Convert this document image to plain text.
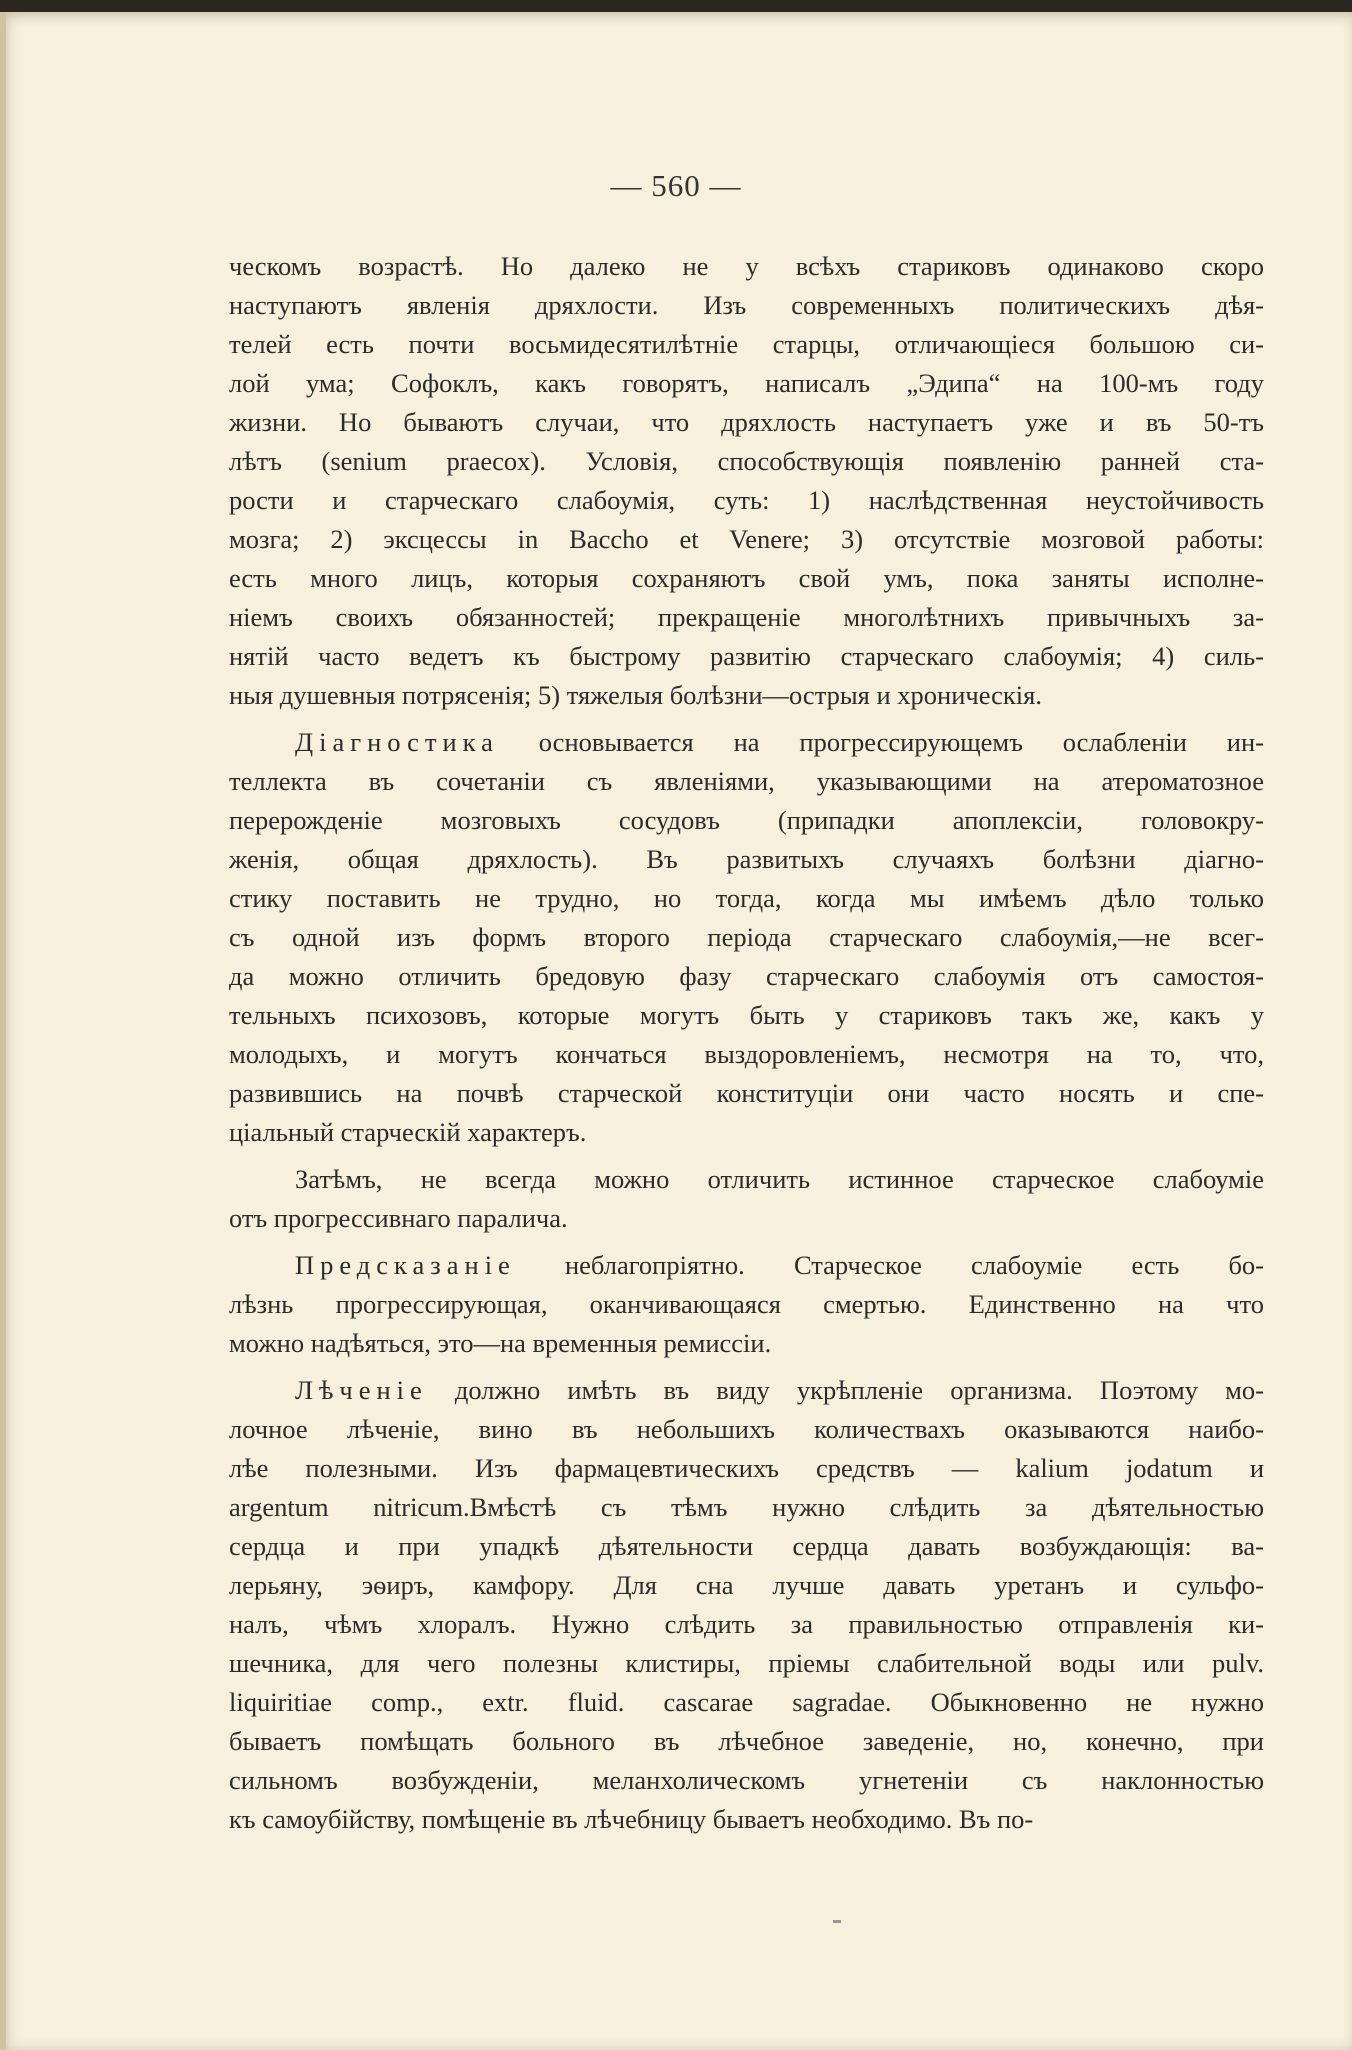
— 560 —
ческомъ возрастѣ. Но далеко не у всѣхъ стариковъ одинаково скоро
наступаютъ явленія дряхлости. Изъ современныхъ политическихъ дѣя-
телей есть почти восьмидесятилѣтніе старцы, отличающіеся большою си-
лой ума; Софоклъ, какъ говорятъ, написалъ „Эдипа“ на 100-мъ году
жизни. Но бываютъ случаи, что дряхлость наступаетъ уже и въ 50-тъ
лѣтъ (senium praecox). Условія, способствующія появленію ранней ста-
рости и старческаго слабоумія, суть: 1) наслѣдственная неустойчивость
мозга; 2) эксцессы in Baccho et Venere; 3) отсутствіе мозговой работы:
есть много лицъ, которыя сохраняютъ свой умъ, пока заняты исполне-
ніемъ своихъ обязанностей; прекращеніе многолѣтнихъ привычныхъ за-
нятій часто ведетъ къ быстрому развитію старческаго слабоумія; 4) силь-
ныя душевныя потрясенія; 5) тяжелыя болѣзни—острыя и хроническія.
Діагностика основывается на прогрессирующемъ ослабленіи ин-
теллекта въ сочетаніи съ явленіями, указывающими на атероматозное
перерожденіе мозговыхъ сосудовъ (припадки апоплексіи, головокру-
женія, общая дряхлость). Въ развитыхъ случаяхъ болѣзни діагно-
стику поставить не трудно, но тогда, когда мы имѣемъ дѣло только
съ одной изъ формъ второго періода старческаго слабоумія,—не всег-
да можно отличить бредовую фазу старческаго слабоумія отъ самостоя-
тельныхъ психозовъ, которые могутъ быть у стариковъ такъ же, какъ у
молодыхъ, и могутъ кончаться выздоровленіемъ, несмотря на то, что,
развившись на почвѣ старческой конституціи они часто носять и спе-
ціальный старческій характеръ.
Затѣмъ, не всегда можно отличить истинное старческое слабоуміе
отъ прогрессивнаго паралича.
Предсказаніе неблагопріятно. Старческое слабоуміе есть бо-
лѣзнь прогрессирующая, оканчивающаяся смертью. Единственно на что
можно надѣяться, это—на временныя ремиссіи.
Лѣченіе должно имѣть въ виду укрѣпленіе организма. Поэтому мо-
лочное лѣченіе, вино въ небольшихъ количествахъ оказываются наибо-
лѣе полезными. Изъ фармацевтическихъ средствъ — kalium jodatum и
argentum nitricum.Вмѣстѣ съ тѣмъ нужно слѣдить за дѣятельностью
сердца и при упадкѣ дѣятельности сердца давать возбуждающія: ва-
лерьяну, эѳиръ, камфору. Для сна лучше давать уретанъ и сульфо-
налъ, чѣмъ хлоралъ. Нужно слѣдить за правильностью отправленія ки-
шечника, для чего полезны клистиры, пріемы слабительной воды или pulv.
liquiritiae comp., extr. fluid. cascarae sagradae. Обыкновенно не нужно
бываетъ помѣщать больного въ лѣчебное заведеніе, но, конечно, при
сильномъ возбужденіи, меланхолическомъ угнетеніи съ наклонностью
къ самоубійству, помѣщеніе въ лѣчебницу бываетъ необходимо. Въ по-
